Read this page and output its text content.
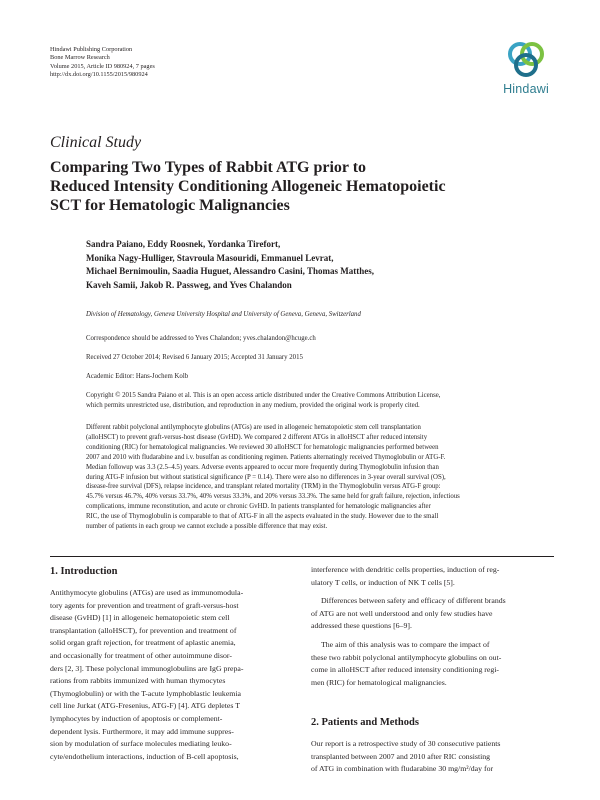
Hindawi Publishing Corporation
Bone Marrow Research
Volume 2015, Article ID 980924, 7 pages
http://dx.doi.org/10.1155/2015/980924
Hindawi
Clinical Study
Comparing Two Types of Rabbit ATG prior to
Reduced Intensity Conditioning Allogeneic Hematopoietic
SCT for Hematologic Malignancies
Sandra Paiano, Eddy Roosnek, Yordanka Tirefort,
Monika Nagy-Hulliger, Stavroula Masouridi, Emmanuel Levrat,
Michael Bernimoulin, Saadia Huguet, Alessandro Casini, Thomas Matthes,
Kaveh Samii, Jakob R. Passweg, and Yves Chalandon
Division of Hematology, Geneva University Hospital and University of Geneva, Geneva, Switzerland
Correspondence should be addressed to Yves Chalandon; yves.chalandon@hcuge.ch
Received 27 October 2014; Revised 6 January 2015; Accepted 31 January 2015
Academic Editor: Hans-Jochem Kolb
Copyright © 2015 Sandra Paiano et al. This is an open access article distributed under the Creative Commons Attribution License,
which permits unrestricted use, distribution, and reproduction in any medium, provided the original work is properly cited.
Different rabbit polyclonal antilymphocyte globulins (ATGs) are used in allogeneic hematopoietic stem cell transplantation
(alloHSCT) to prevent graft-versus-host disease (GvHD). We compared 2 different ATGs in alloHSCT after reduced intensity
conditioning (RIC) for hematological malignancies. We reviewed 30 alloHSCT for hematologic malignancies performed between
2007 and 2010 with fludarabine and i.v. busulfan as conditioning regimen. Patients alternatingly received Thymoglobulin or ATG-F.
Median followup was 3.3 (2.5–4.5) years. Adverse events appeared to occur more frequently during Thymoglobulin infusion than
during ATG-F infusion but without statistical significance (P = 0.14). There were also no differences in 3-year overall survival (OS),
disease-free survival (DFS), relapse incidence, and transplant related mortality (TRM) in the Thymoglobulin versus ATG-F group:
45.7% versus 46.7%, 40% versus 33.7%, 40% versus 33.3%, and 20% versus 33.3%. The same held for graft failure, rejection, infectious
complications, immune reconstitution, and acute or chronic GvHD. In patients transplanted for hematologic malignancies after
RIC, the use of Thymoglobulin is comparable to that of ATG-F in all the aspects evaluated in the study. However due to the small
number of patients in each group we cannot exclude a possible difference that may exist.
1. Introduction
Antithymocyte globulins (ATGs) are used as immunomodula-
tory agents for prevention and treatment of graft-versus-host
disease (GvHD) [1] in allogeneic hematopoietic stem cell
transplantation (alloHSCT), for prevention and treatment of
solid organ graft rejection, for treatment of aplastic anemia,
and occasionally for treatment of other autoimmune disor-
ders [2, 3]. These polyclonal immunoglobulins are IgG prepa-
rations from rabbits immunized with human thymocytes
(Thymoglobulin) or with the T-acute lymphoblastic leukemia
cell line Jurkat (ATG-Fresenius, ATG-F) [4]. ATG depletes T
lymphocytes by induction of apoptosis or complement-
dependent lysis. Furthermore, it may add immune suppres-
sion by modulation of surface molecules mediating leuko-
cyte/endothelium interactions, induction of B-cell apoptosis,
interference with dendritic cells properties, induction of reg-
ulatory T cells, or induction of NK T cells [5].
Differences between safety and efficacy of different brands
of ATG are not well understood and only few studies have
addressed these questions [6–9].
The aim of this analysis was to compare the impact of
these two rabbit polyclonal antilymphocyte globulins on out-
come in alloHSCT after reduced intensity conditioning regi-
men (RIC) for hematological malignancies.
2. Patients and Methods
Our report is a retrospective study of 30 consecutive patients
transplanted between 2007 and 2010 after RIC consisting
of ATG in combination with fludarabine 30 mg/m²/day for
